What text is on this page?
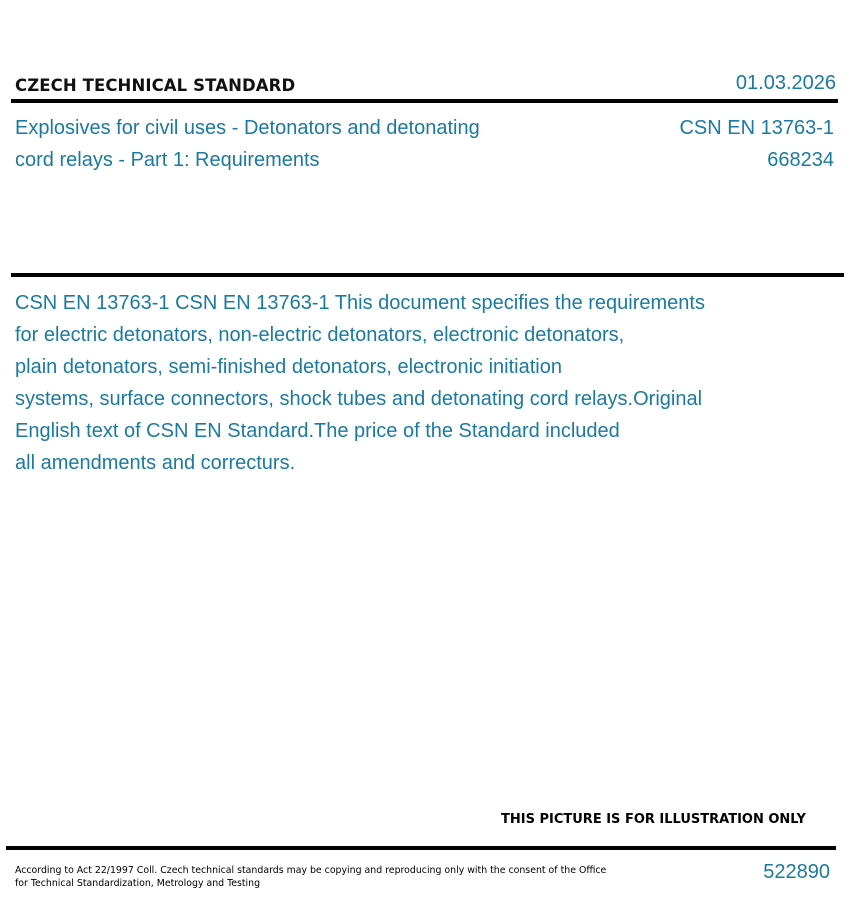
CZECH TECHNICAL STANDARD	01.03.2026
Explosives for civil uses - Detonators and detonating
cord relays - Part 1: Requirements
CSN EN 13763-1
668234

CSN EN 13763-1 CSN EN 13763-1 This document specifies the requirements

for electric detonators, non-electric detonators, electronic detonators,

plain detonators, semi-finished detonators, electronic initiation

systems, surface connectors, shock tubes and detonating cord relays.Original

English text of CSN EN Standard.The price of the Standard included

all amendments and correcturs.

THIS PICTURE IS FOR ILLUSTRATION ONLY

According to Act 22/1997 Coll. Czech technical standards may be copying and reproducing only with the consent of the Office

for Technical Standardization, Metrology and Testing

522890
